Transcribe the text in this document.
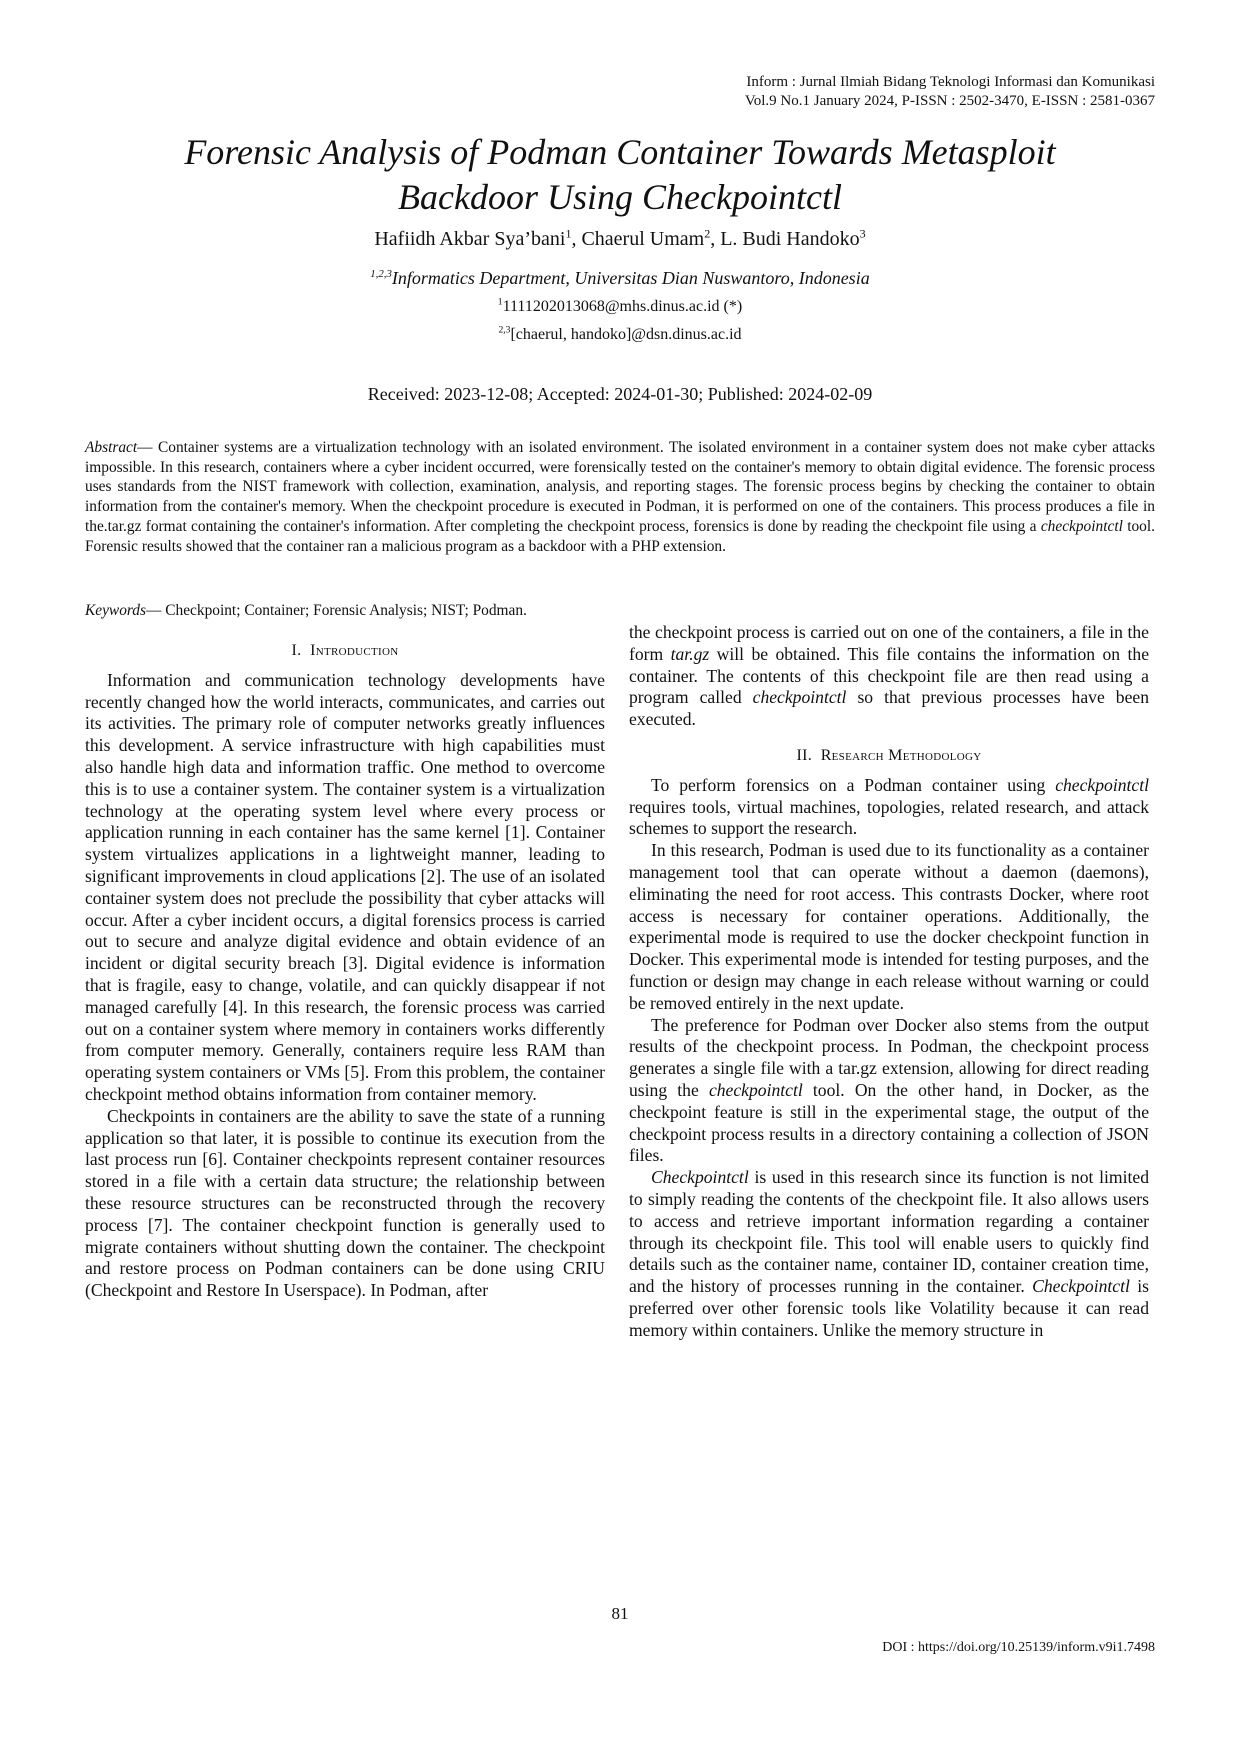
Inform : Jurnal Ilmiah Bidang Teknologi Informasi dan Komunikasi
Vol.9 No.1 January 2024, P-ISSN : 2502-3470, E-ISSN : 2581-0367
Forensic Analysis of Podman Container Towards Metasploit
Backdoor Using Checkpointctl
Hafiidh Akbar Sya’bani$^1$, Chaerul Umam$^2$, L. Budi Handoko$^3$
$^{1,2,3}$Informatics Department, Universitas Dian Nuswantoro, Indonesia
$^1$1111202013068@mhs.dinus.ac.id (*)
$^{2,3}$[chaerul, handoko]@dsn.dinus.ac.id
Received: 2023-12-08; Accepted: 2024-01-30; Published: 2024-02-09
Abstract— Container systems are a virtualization technology with an isolated environment. The isolated environment in a container system does not make cyber attacks impossible. In this research, containers where a cyber incident occurred, were forensically tested on the container's memory to obtain digital evidence. The forensic process uses standards from the NIST framework with collection, examination, analysis, and reporting stages. The forensic process begins by checking the container to obtain information from the container's memory. When the checkpoint procedure is executed in Podman, it is performed on one of the containers. This process produces a file in the.tar.gz format containing the container's information. After completing the checkpoint process, forensics is done by reading the checkpoint file using a checkpointctl tool. Forensic results showed that the container ran a malicious program as a backdoor with a PHP extension.
Keywords— Checkpoint; Container; Forensic Analysis; NIST; Podman.
I. Introduction

Information and communication technology developments have recently changed how the world interacts, communicates, and carries out its activities. The primary role of computer networks greatly influences this development. A service infrastructure with high capabilities must also handle high data and information traffic. One method to overcome this is to use a container system. The container system is a virtualization technology at the operating system level where every process or application running in each container has the same kernel [1]. Container system virtualizes applications in a lightweight manner, leading to significant improvements in cloud applications [2]. The use of an isolated container system does not preclude the possibility that cyber attacks will occur. After a cyber incident occurs, a digital forensics process is carried out to secure and analyze digital evidence and obtain evidence of an incident or digital security breach [3]. Digital evidence is information that is fragile, easy to change, volatile, and can quickly disappear if not managed carefully [4]. In this research, the forensic process was carried out on a container system where memory in containers works differently from computer memory. Generally, containers require less RAM than operating system containers or VMs [5]. From this problem, the container checkpoint method obtains information from container memory.

Checkpoints in containers are the ability to save the state of a running application so that later, it is possible to continue its execution from the last process run [6]. Container checkpoints represent container resources stored in a file with a certain data structure; the relationship between these resource structures can be reconstructed through the recovery process [7]. The container checkpoint function is generally used to migrate containers without shutting down the container. The checkpoint and restore process on Podman containers can be done using CRIU (Checkpoint and Restore In Userspace). In Podman, after

the checkpoint process is carried out on one of the containers, a file in the form tar.gz will be obtained. This file contains the information on the container. The contents of this checkpoint file are then read using a program called checkpointctl so that previous processes have been executed.

II. Research Methodology

To perform forensics on a Podman container using checkpointctl requires tools, virtual machines, topologies, related research, and attack schemes to support the research.

In this research, Podman is used due to its functionality as a container management tool that can operate without a daemon (daemons), eliminating the need for root access. This contrasts Docker, where root access is necessary for container operations. Additionally, the experimental mode is required to use the docker checkpoint function in Docker. This experimental mode is intended for testing purposes, and the function or design may change in each release without warning or could be removed entirely in the next update.

The preference for Podman over Docker also stems from the output results of the checkpoint process. In Podman, the checkpoint process generates a single file with a tar.gz extension, allowing for direct reading using the checkpointctl tool. On the other hand, in Docker, as the checkpoint feature is still in the experimental stage, the output of the checkpoint process results in a directory containing a collection of JSON files.

Checkpointctl is used in this research since its function is not limited to simply reading the contents of the checkpoint file. It also allows users to access and retrieve important information regarding a container through its checkpoint file. This tool will enable users to quickly find details such as the container name, container ID, container creation time, and the history of processes running in the container. Checkpointctl is preferred over other forensic tools like Volatility because it can read memory within containers. Unlike the memory structure in

81
DOI : https://doi.org/10.25139/inform.v9i1.7498
